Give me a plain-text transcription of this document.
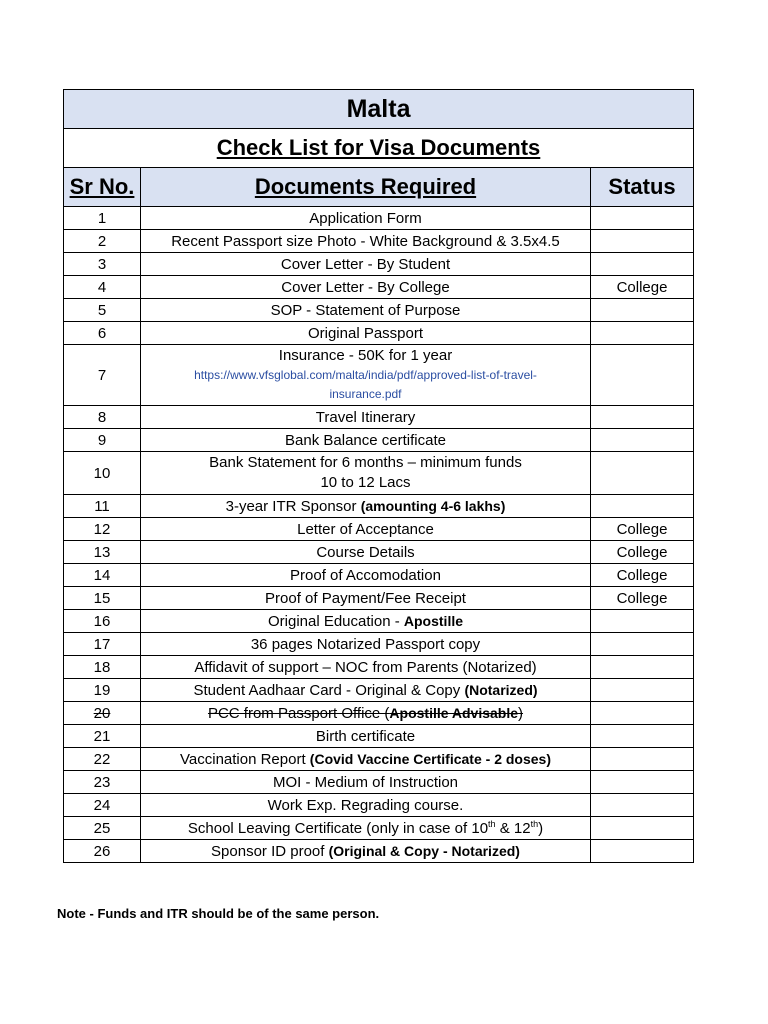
Malta		
Check List for Visa Documents		
Sr No.	Documents Required	Status
1	Application Form	
2	Recent Passport size Photo - White Background & 3.5x4.5	
3	Cover Letter - By Student	
4	Cover Letter - By College	College
5	SOP - Statement of Purpose	
6	Original Passport	
7	Insurance - 50K for 1 year
https://www.vfsglobal.com/malta/india/pdf/approved-list-of-travel-
insurance.pdf	

8	Travel Itinerary	
9	Bank Balance certificate	
10	Bank Statement for 6 months – minimum funds
10 to 12 Lacs	

11	3-year ITR Sponsor (amounting 4-6 lakhs)	
12	Letter of Acceptance	College
13	Course Details	College
14	Proof of Accomodation	College
15	Proof of Payment/Fee Receipt	College
16	Original Education - Apostille	
17	36 pages Notarized Passport copy	
18	Affidavit of support – NOC from Parents (Notarized)	
19	Student Aadhaar Card - Original & Copy (Notarized)	
20	PCC from Passport Office (Apostille Advisable)	
21	Birth certificate	
22	Vaccination Report (Covid Vaccine Certificate - 2 doses)	
23	MOI - Medium of Instruction	
24	Work Exp. Regrading course.	
25	School Leaving Certificate (only in case of 10th & 12th)	
26	Sponsor ID proof (Original & Copy - Notarized)	
Note - Funds and ITR should be of the same person.
